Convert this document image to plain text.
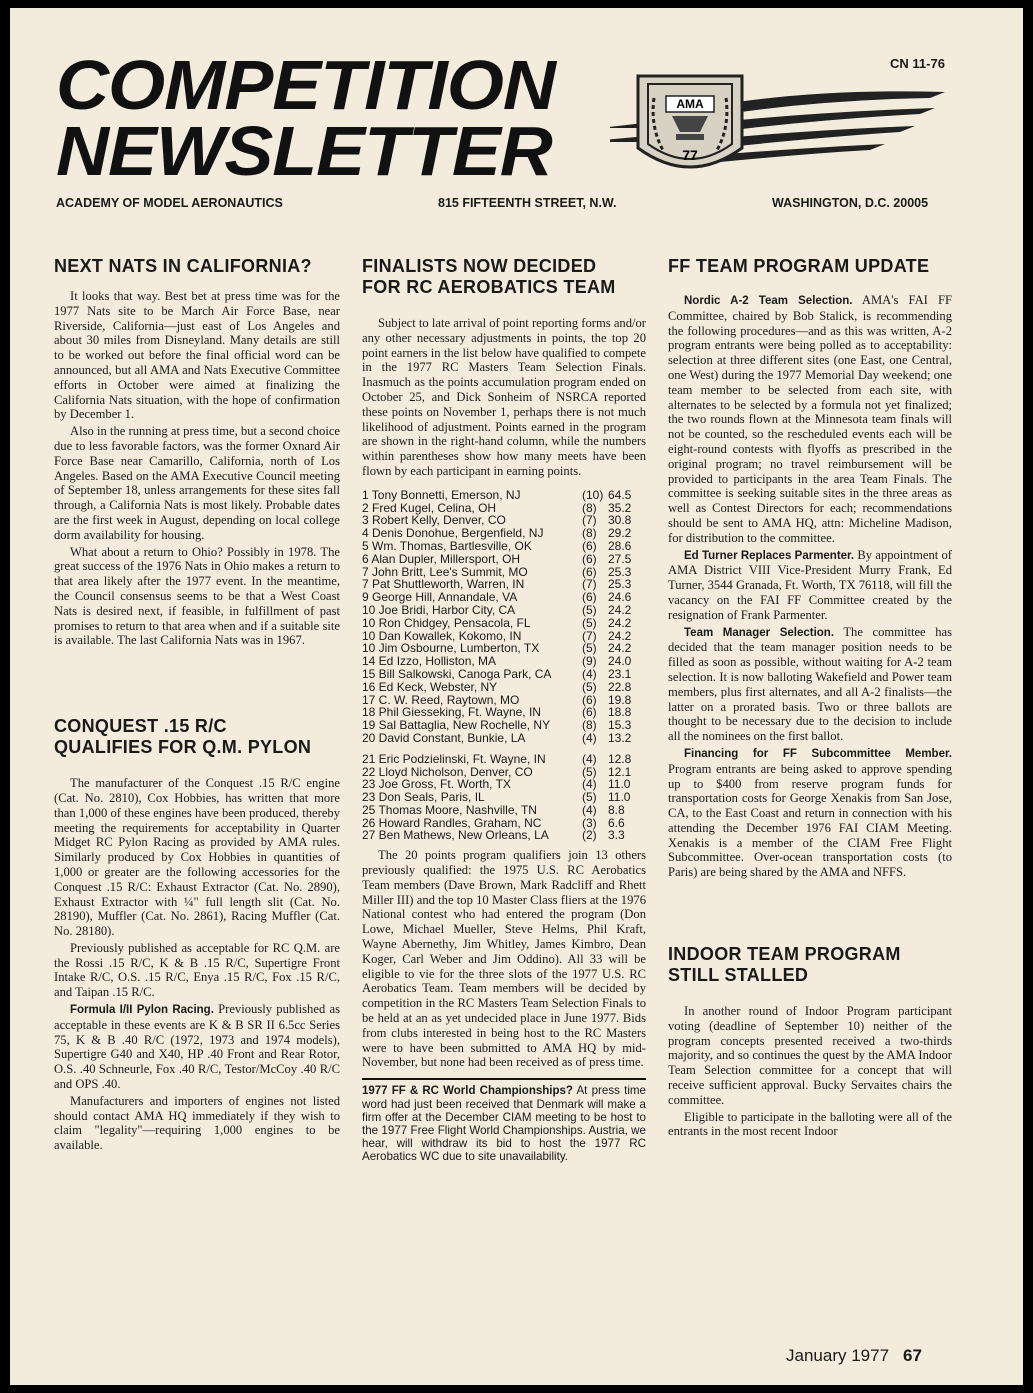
COMPETITION
NEWSLETTER
CN 11-76
AMA
77
ACADEMY OF MODEL AERONAUTICS	815 FIFTEENTH STREET, N.W.	WASHINGTON, D.C. 20005
NEXT NATS IN CALIFORNIA?

It looks that way. Best bet at press time was for the 1977 Nats site to be March Air Force Base, near Riverside, California—just east of Los Angeles and about 30 miles from Disneyland. Many details are still to be worked out before the final official word can be announced, but all AMA and Nats Executive Committee efforts in October were aimed at finalizing the California Nats situation, with the hope of confirmation by December 1.

Also in the running at press time, but a second choice due to less favorable factors, was the former Oxnard Air Force Base near Camarillo, California, north of Los Angeles. Based on the AMA Executive Council meeting of September 18, unless arrangements for these sites fall through, a California Nats is most likely. Probable dates are the first week in August, depending on local college dorm availability for housing.

What about a return to Ohio? Possibly in 1978. The great success of the 1976 Nats in Ohio makes a return to that area likely after the 1977 event. In the meantime, the Council consensus seems to be that a West Coast Nats is desired next, if feasible, in fulfillment of past promises to return to that area when and if a suitable site is available. The last California Nats was in 1967.

CONQUEST .15 R/C
QUALIFIES FOR Q.M. PYLON

The manufacturer of the Conquest .15 R/C engine (Cat. No. 2810), Cox Hobbies, has written that more than 1,000 of these engines have been produced, thereby meeting the requirements for acceptability in Quarter Midget RC Pylon Racing as provided by AMA rules. Similarly produced by Cox Hobbies in quantities of 1,000 or greater are the following accessories for the Conquest .15 R/C: Exhaust Extractor (Cat. No. 2890), Exhaust Extractor with ¼" full length slit (Cat. No. 28190), Muffler (Cat. No. 2861), Racing Muffler (Cat. No. 28180).

Previously published as acceptable for RC Q.M. are the Rossi .15 R/C, K & B .15 R/C, Supertigre Front Intake R/C, O.S. .15 R/C, Enya .15 R/C, Fox .15 R/C, and Taipan .15 R/C.

Formula I/II Pylon Racing. Previously published as acceptable in these events are K & B SR II 6.5cc Series 75, K & B .40 R/C (1972, 1973 and 1974 models), Supertigre G40 and X40, HP .40 Front and Rear Rotor, O.S. .40 Schneurle, Fox .40 R/C, Testor/McCoy .40 R/C and OPS .40.

Manufacturers and importers of engines not listed should contact AMA HQ immediately if they wish to claim "legality"—requiring 1,000 engines to be available.

FINALISTS NOW DECIDED
FOR RC AEROBATICS TEAM

Subject to late arrival of point reporting forms and/or any other necessary adjustments in points, the top 20 point earners in the list below have qualified to compete in the 1977 RC Masters Team Selection Finals. Inasmuch as the points accumulation program ended on October 25, and Dick Sonheim of NSRCA reported these points on November 1, perhaps there is not much likelihood of adjustment. Points earned in the program are shown in the right-hand column, while the numbers within parentheses show how many meets have been flown by each participant in earning points.

1 Tony Bonnetti, Emerson, NJ	(10) 64.5
2 Fred Kugel, Celina, OH	(8) 35.2
3 Robert Kelly, Denver, CO	(7) 30.8
4 Denis Donohue, Bergenfield, NJ	(8) 29.2
5 Wm. Thomas, Bartlesville, OK	(6) 28.6
6 Alan Dupler, Millersport, OH	(6) 27.5
7 John Britt, Lee's Summit, MO	(6) 25.3
7 Pat Shuttleworth, Warren, IN	(7) 25.3
9 George Hill, Annandale, VA	(6) 24.6
10 Joe Bridi, Harbor City, CA	(5) 24.2
10 Ron Chidgey, Pensacola, FL	(5) 24.2
10 Dan Kowallek, Kokomo, IN	(7) 24.2
10 Jim Osbourne, Lumberton, TX	(5) 24.2
14 Ed Izzo, Holliston, MA	(9) 24.0
15 Bill Salkowski, Canoga Park, CA	(4) 23.1
16 Ed Keck, Webster, NY	(5) 22.8
17 C. W. Reed, Raytown, MO	(6) 19.8
18 Phil Giesseking, Ft. Wayne, IN	(6) 18.8
19 Sal Battaglia, New Rochelle, NY	(8) 15.3
20 David Constant, Bunkie, LA	(4) 13.2
21 Eric Podzielinski, Ft. Wayne, IN	(4) 12.8
22 Lloyd Nicholson, Denver, CO	(5) 12.1
23 Joe Gross, Ft. Worth, TX	(4) 11.0
23 Don Seals, Paris, IL	(5) 11.0
25 Thomas Moore, Nashville, TN	(4) 8.8
26 Howard Randles, Graham, NC	(3) 6.6
27 Ben Mathews, New Orleans, LA	(2) 3.3

The 20 points program qualifiers join 13 others previously qualified: the 1975 U.S. RC Aerobatics Team members (Dave Brown, Mark Radcliff and Rhett Miller III) and the top 10 Master Class fliers at the 1976 National contest who had entered the program (Don Lowe, Michael Mueller, Steve Helms, Phil Kraft, Wayne Abernethy, Jim Whitley, James Kimbro, Dean Koger, Carl Weber and Jim Oddino). All 33 will be eligible to vie for the three slots of the 1977 U.S. RC Aerobatics Team. Team members will be decided by competition in the RC Masters Team Selection Finals to be held at an as yet undecided place in June 1977. Bids from clubs interested in being host to the RC Masters were to have been submitted to AMA HQ by mid-November, but none had been received as of press time.

1977 FF & RC World Championships? At press time word had just been received that Denmark will make a firm offer at the December CIAM meeting to be host to the 1977 Free Flight World Championships. Austria, we hear, will withdraw its bid to host the 1977 RC Aerobatics WC due to site unavailability.
FF TEAM PROGRAM UPDATE

Nordic A-2 Team Selection. AMA's FAI FF Committee, chaired by Bob Stalick, is recommending the following procedures—and as this was written, A-2 program entrants were being polled as to acceptability: selection at three different sites (one East, one Central, one West) during the 1977 Memorial Day weekend; one team member to be selected from each site, with alternates to be selected by a formula not yet finalized; the two rounds flown at the Minnesota team finals will not be counted, so the rescheduled events each will be eight-round contests with flyoffs as prescribed in the original program; no travel reimbursement will be provided to participants in the area Team Finals. The committee is seeking suitable sites in the three areas as well as Contest Directors for each; recommendations should be sent to AMA HQ, attn: Micheline Madison, for distribution to the committee.

Ed Turner Replaces Parmenter. By appointment of AMA District VIII Vice-President Murry Frank, Ed Turner, 3544 Granada, Ft. Worth, TX 76118, will fill the vacancy on the FAI FF Committee created by the resignation of Frank Parmenter.

Team Manager Selection. The committee has decided that the team manager position needs to be filled as soon as possible, without waiting for A-2 team selection. It is now balloting Wakefield and Power team members, plus first alternates, and all A-2 finalists—the latter on a prorated basis. Two or three ballots are thought to be necessary due to the decision to include all the nominees on the first ballot.

Financing for FF Subcommittee Member. Program entrants are being asked to approve spending up to $400 from reserve program funds for transportation costs for George Xenakis from San Jose, CA, to the East Coast and return in connection with his attending the December 1976 FAI CIAM Meeting. Xenakis is a member of the CIAM Free Flight Subcommittee. Over-ocean transportation costs (to Paris) are being shared by the AMA and NFFS.

INDOOR TEAM PROGRAM
STILL STALLED

In another round of Indoor Program participant voting (deadline of September 10) neither of the program concepts presented received a two-thirds majority, and so continues the quest by the AMA Indoor Team Selection committee for a concept that will receive sufficient approval. Bucky Servaites chairs the committee.

Eligible to participate in the balloting were all of the entrants in the most recent Indoor

January 1977 67
